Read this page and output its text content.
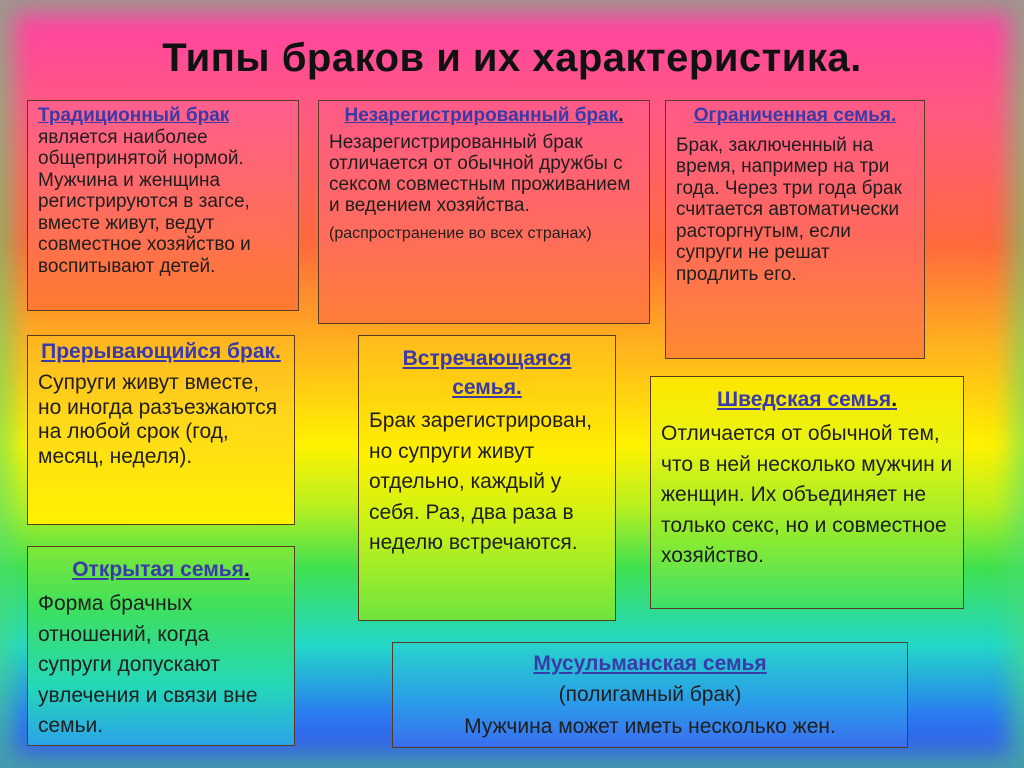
Типы браков и их характеристика.
Традиционный брак является наиболее общепринятой нормой. Мужчина и женщина регистрируются в загсе, вместе живут, ведут совместное хозяйство и воспитывают детей.
Незарегистрированный брак.
Незарегистрированный брак отличается от обычной дружбы с сексом совместным проживанием и ведением хозяйства.
(распространение во всех странах)
Ограниченная семья.
Брак, заключенный на время, например на три года. Через три года брак считается автоматически расторгнутым, если супруги не решат продлить его.
Прерывающийся брак.
Супруги живут вместе, но иногда разъезжаются на любой срок (год, месяц, неделя).
Встречающаяся семья.
Брак зарегистрирован, но супруги живут отдельно, каждый у себя. Раз, два раза в неделю встречаются.
Шведская семья.
Отличается от обычной тем, что в ней несколько мужчин и женщин. Их объединяет не только секс, но и совместное хозяйство.
Открытая семья.
Форма брачных отношений, когда супруги допускают увлечения и связи вне семьи.
Мусульманская семья
(полигамный брак)
Мужчина может иметь несколько жен.
